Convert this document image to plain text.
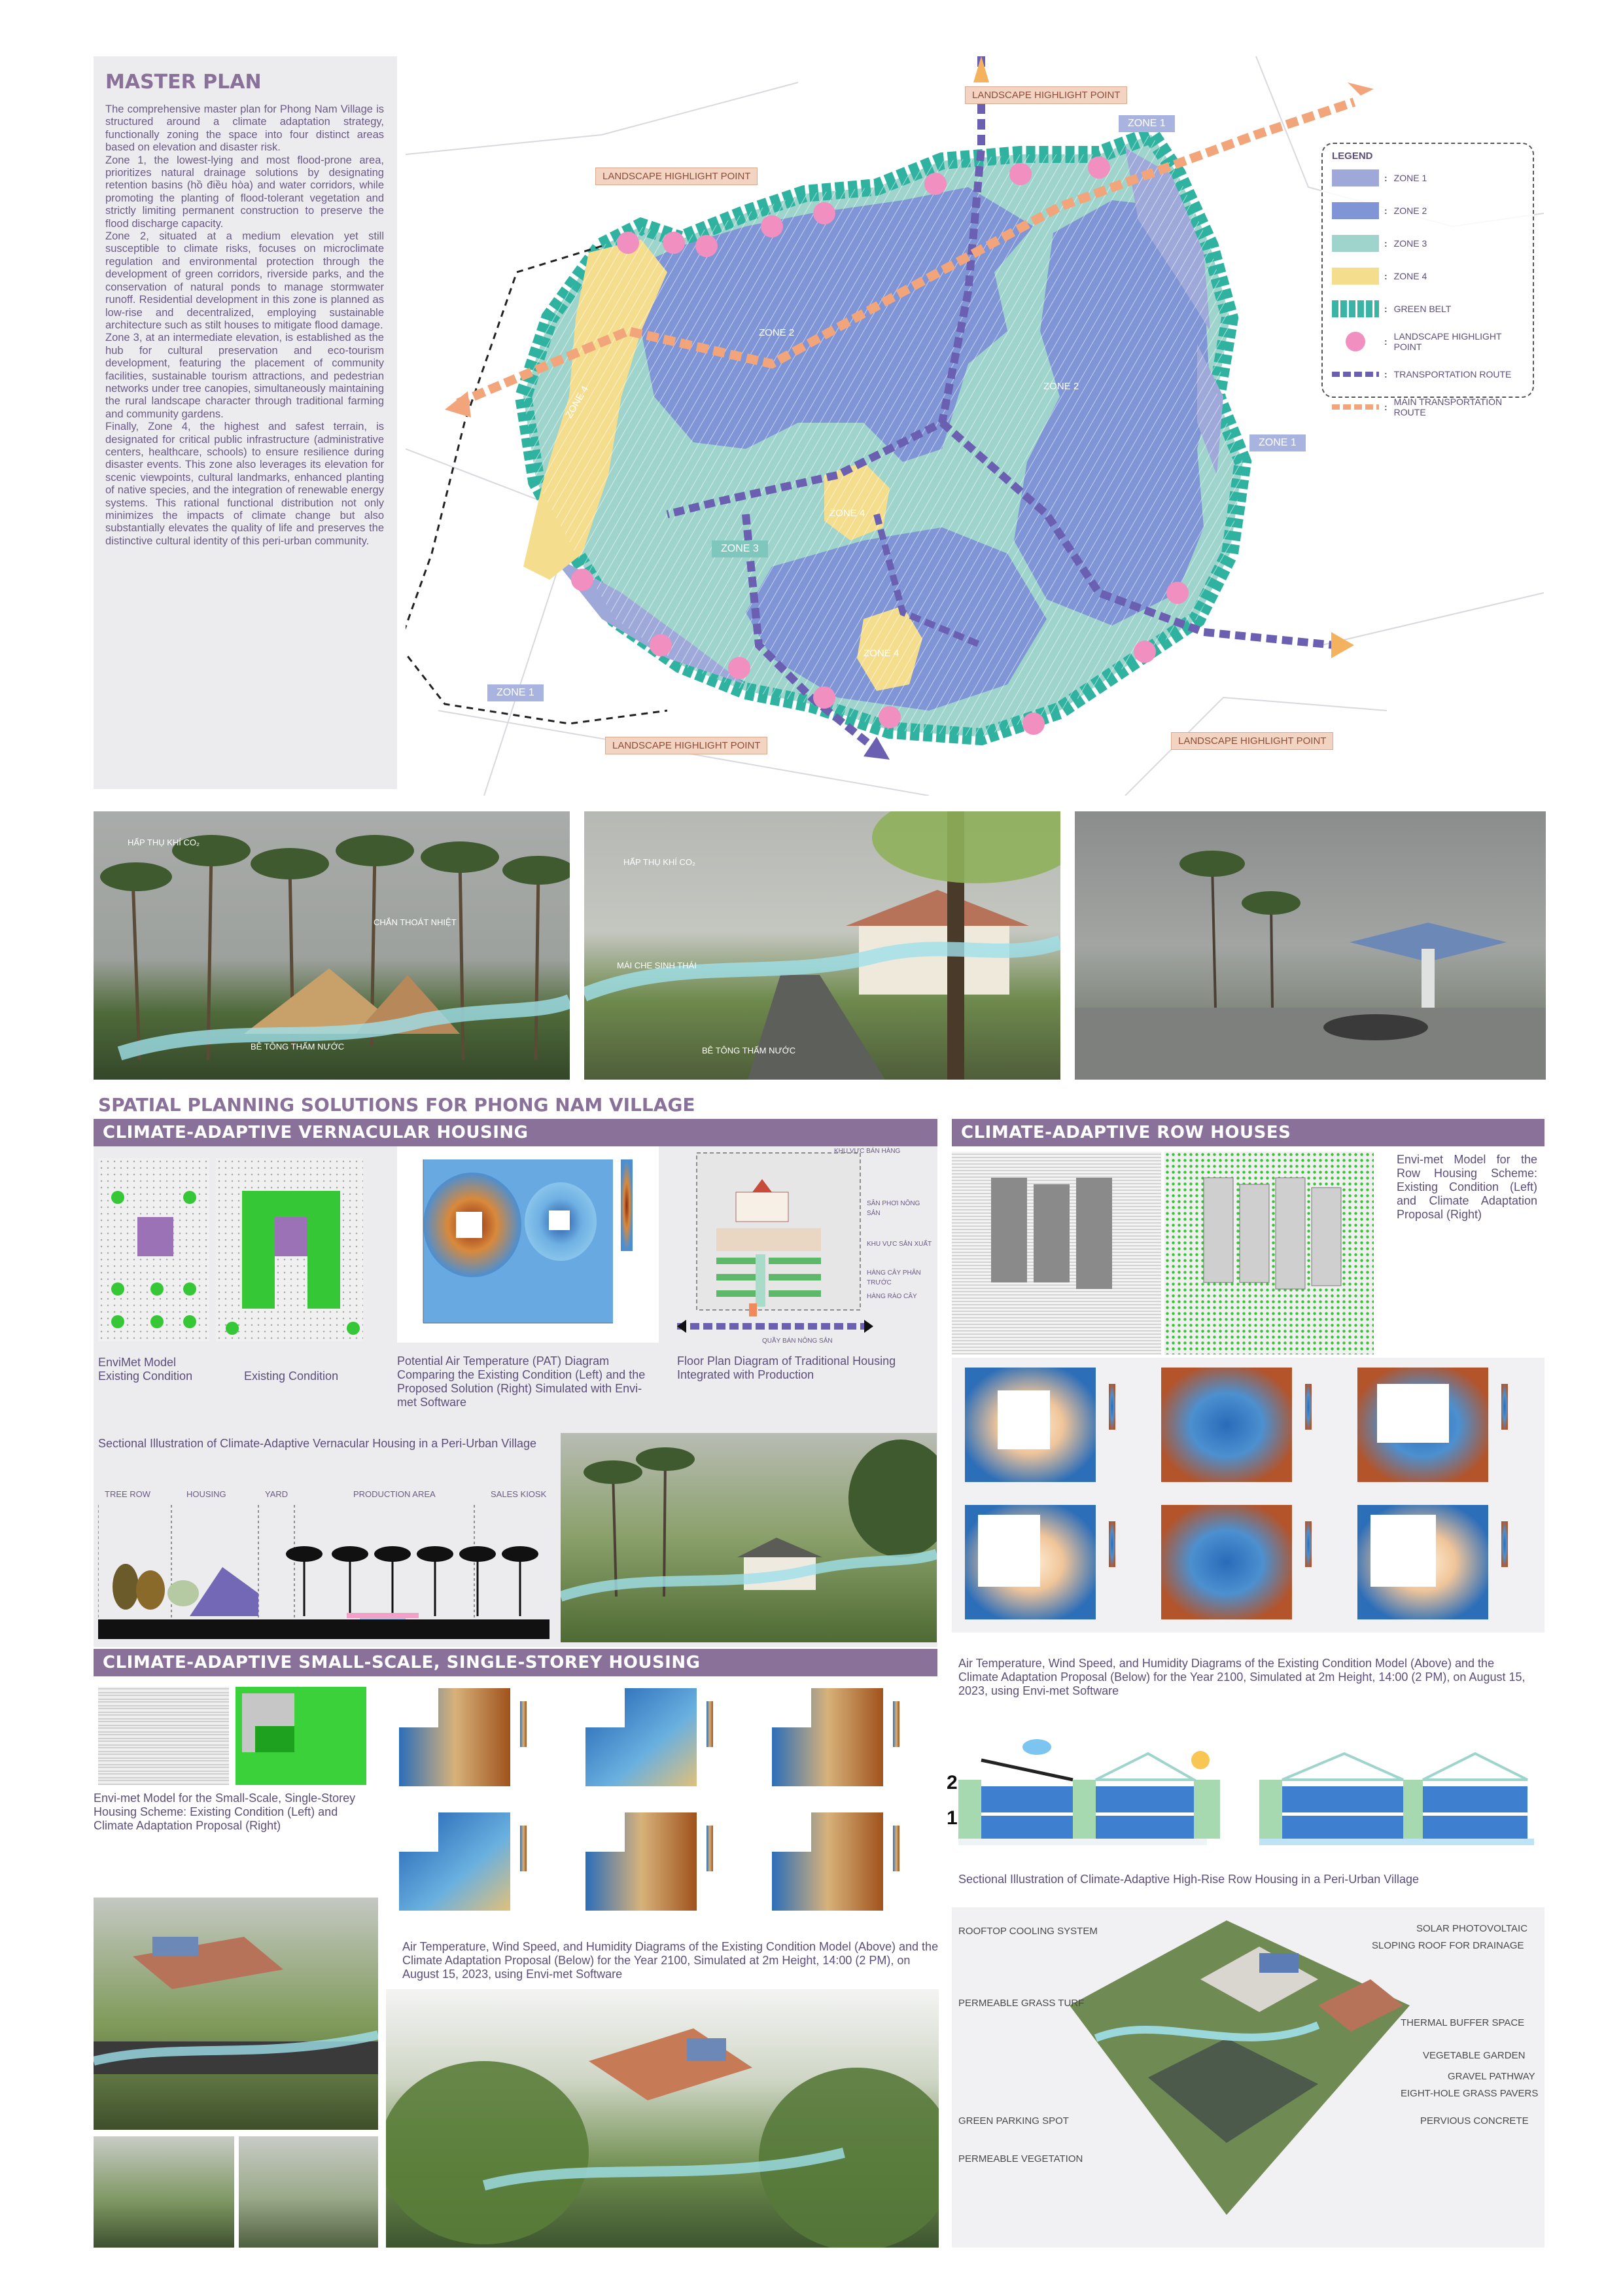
MASTER PLAN
The comprehensive master plan for Phong Nam Village is structured around a climate adaptation strategy, functionally zoning the space into four distinct areas based on elevation and disaster risk.
Zone 1, the lowest-lying and most flood-prone area, prioritizes natural drainage solutions by designating retention basins (hồ điều hòa) and water corridors, while promoting the planting of flood-tolerant vegetation and strictly limiting permanent construction to preserve the flood discharge capacity.
Zone 2, situated at a medium elevation yet still susceptible to climate risks, focuses on microclimate regulation and environmental protection through the development of green corridors, riverside parks, and the conservation of natural ponds to manage stormwater runoff. Residential development in this zone is planned as low-rise and decentralized, employing sustainable architecture such as stilt houses to mitigate flood damage.
Zone 3, at an intermediate elevation, is established as the hub for cultural preservation and eco-tourism development, featuring the placement of community facilities, sustainable tourism attractions, and pedestrian networks under tree canopies, simultaneously maintaining the rural landscape character through traditional farming and community gardens.
Finally, Zone 4, the highest and safest terrain, is designated for critical public infrastructure (administrative centers, healthcare, schools) to ensure resilience during disaster events. This zone also leverages its elevation for scenic viewpoints, cultural landmarks, enhanced planting of native species, and the integration of renewable energy systems. This rational functional distribution not only minimizes the impacts of climate change but also substantially elevates the quality of life and preserves the distinctive cultural identity of this peri-urban community.
LEGEND
: ZONE 1
: ZONE 2
: ZONE 3
: ZONE 4
: GREEN BELT
: LANDSCAPE HIGHLIGHT POINT
: TRANSPORTATION ROUTE
: MAIN TRANSPORTATION ROUTE
LANDSCAPE HIGHLIGHT POINT
LANDSCAPE HIGHLIGHT POINT
LANDSCAPE HIGHLIGHT POINT	LANDSCAPE HIGHLIGHT POINT
ZONE 1
ZONE 1
ZONE 1
ZONE 2
ZONE 2
ZONE 3
ZONE 4
ZONE 4
ZONE 4
HẤP THỤ KHÍ CO₂
CHẮN THOÁT NHIỆT
BÊ TÔNG THẤM NƯỚC
HẤP THỤ KHÍ CO₂
MÁI CHE SINH THÁI
BÊ TÔNG THẤM NƯỚC
SPATIAL PLANNING SOLUTIONS FOR PHONG NAM VILLAGE
CLIMATE-ADAPTIVE VERNACULAR HOUSING
EnviMet Model
Existing Condition	Existing Condition
Potential Air Temperature (PAT) Diagram Comparing the Existing Condition (Left) and the Proposed Solution (Right) Simulated with Envi-met Software
KHU VỰC BÁN HÀNG
SÂN PHƠI NÔNG SẢN
KHU VỰC SẢN XUẤT
HÀNG CÂY PHÂN TRƯỚC
HÀNG RÀO CÂY
QUẦY BÁN NÔNG SẢN
Floor Plan Diagram of Traditional Housing Integrated with Production
Sectional Illustration of Climate-Adaptive Vernacular Housing in a Peri-Urban Village
TREE ROW	HOUSING	YARD	PRODUCTION AREA	SALES KIOSK
CLIMATE-ADAPTIVE SMALL-SCALE, SINGLE-STOREY HOUSING
Envi-met Model for the Small-Scale, Single-Storey Housing Scheme: Existing Condition (Left) and Climate Adaptation Proposal (Right)
Air Temperature, Wind Speed, and Humidity Diagrams of the Existing Condition Model (Above) and the Climate Adaptation Proposal (Below) for the Year 2100, Simulated at 2m Height, 14:00 (2 PM), on August 15, 2023, using Envi-met Software
CLIMATE-ADAPTIVE ROW HOUSES
Envi-met Model for the Row Housing Scheme: Existing Condition (Left) and Climate Adaptation Proposal (Right)
Air Temperature, Wind Speed, and Humidity Diagrams of the Existing Condition Model (Above) and the Climate Adaptation Proposal (Below) for the Year 2100, Simulated at 2m Height, 14:00 (2 PM), on August 15, 2023, using Envi-met Software
2
1
Sectional Illustration of Climate-Adaptive High-Rise Row Housing in a Peri-Urban Village
ROOFTOP COOLING SYSTEM	SOLAR PHOTOVOLTAIC
SLOPING ROOF FOR DRAINAGE
PERMEABLE GRASS TURF
THERMAL BUFFER SPACE
VEGETABLE GARDEN
GRAVEL PATHWAY
EIGHT-HOLE GRASS PAVERS
GREEN PARKING SPOT	PERVIOUS CONCRETE
PERMEABLE VEGETATION
